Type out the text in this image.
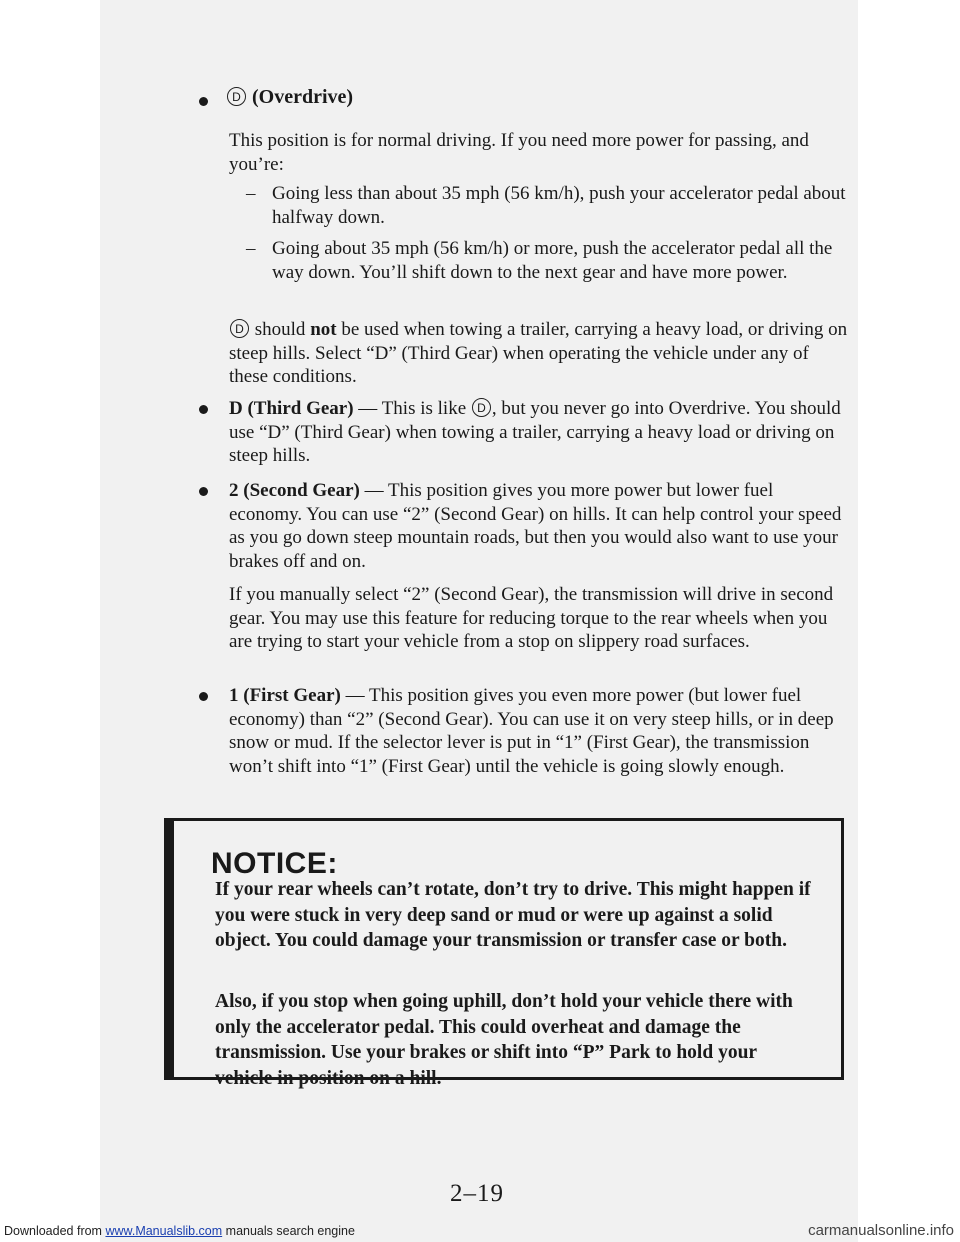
D (Overdrive)
This position is for normal driving. If you need more power for passing, and you’re:
– Going less than about 35 mph (56 km/h), push your accelerator pedal about halfway down.
– Going about 35 mph (56 km/h) or more, push the accelerator pedal all the way down. You’ll shift down to the next gear and have more power.
D should not be used when towing a trailer, carrying a heavy load, or driving on steep hills. Select “D” (Third Gear) when operating the vehicle under any of these conditions.
D (Third Gear) — This is like D , but you never go into Overdrive. You should use “D” (Third Gear) when towing a trailer, carrying a heavy load or driving on steep hills.
2 (Second Gear) — This position gives you more power but lower fuel economy. You can use “2” (Second Gear) on hills. It can help control your speed as you go down steep mountain roads, but then you would also want to use your brakes off and on.
If you manually select “2” (Second Gear), the transmission will drive in second gear. You may use this feature for reducing torque to the rear wheels when you are trying to start your vehicle from a stop on slippery road surfaces.
1 (First Gear) — This position gives you even more power (but lower fuel economy) than “2” (Second Gear). You can use it on very steep hills, or in deep snow or mud. If the selector lever is put in “1” (First Gear), the transmission won’t shift into “1” (First Gear) until the vehicle is going slowly enough.
NOTICE:
If your rear wheels can’t rotate, don’t try to drive. This might happen if you were stuck in very deep sand or mud or were up against a solid object. You could damage your transmission or transfer case or both.
Also, if you stop when going uphill, don’t hold your vehicle there with only the accelerator pedal. This could overheat and damage the transmission. Use your brakes or shift into “P” Park to hold your vehicle in position on a hill.
2–19
Downloaded from www.Manualslib.com manuals search engine	carmanualsonline.info
